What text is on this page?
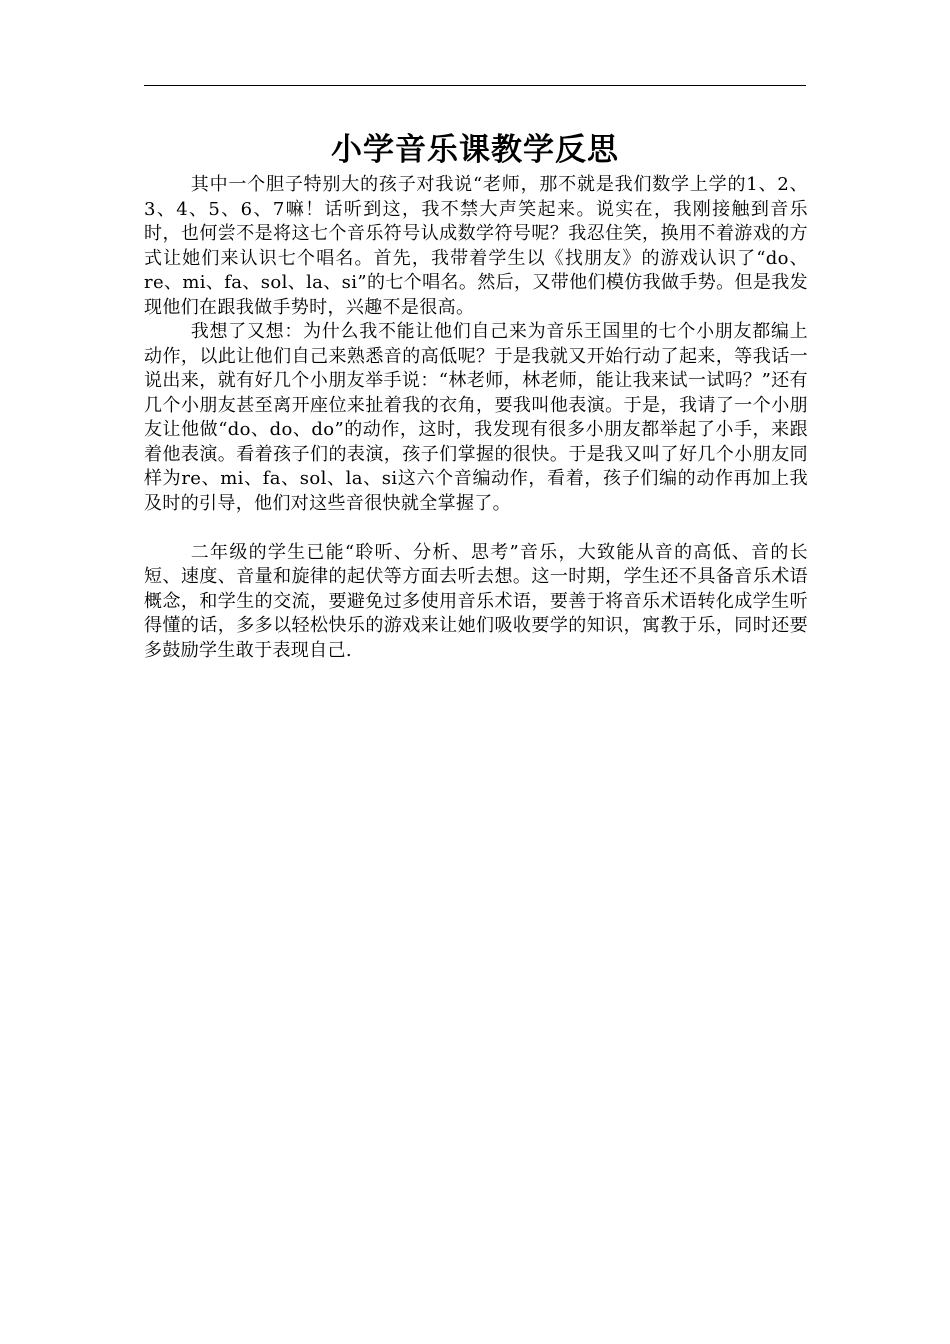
小学音乐课教学反思

其中一个胆子特别大的孩子对我说“老师，那不就是我们数学上学的1、2、3、4、5、6、7嘛！话听到这，我不禁大声笑起来。说实在，我刚接触到音乐时，也何尝不是将这七个音乐符号认成数学符号呢？我忍住笑，换用不着游戏的方式让她们来认识七个唱名。首先，我带着学生以《找朋友》的游戏认识了“do、re、mi、fa、sol、la、si”的七个唱名。然后，又带他们模仿我做手势。但是我发现他们在跟我做手势时，兴趣不是很高。

我想了又想：为什么我不能让他们自己来为音乐王国里的七个小朋友都编上动作，以此让他们自己来熟悉音的高低呢？于是我就又开始行动了起来，等我话一说出来，就有好几个小朋友举手说：“林老师，林老师，能让我来试一试吗？”还有几个小朋友甚至离开座位来扯着我的衣角，要我叫他表演。于是，我请了一个小朋友让他做“do、do、do”的动作，这时，我发现有很多小朋友都举起了小手，来跟着他表演。看着孩子们的表演，孩子们掌握的很快。于是我又叫了好几个小朋友同样为re、mi、fa、sol、la、si这六个音编动作，看着，孩子们编的动作再加上我及时的引导，他们对这些音很快就全掌握了。

二年级的学生已能“聆听、分析、思考”音乐，大致能从音的高低、音的长短、速度、音量和旋律的起伏等方面去听去想。这一时期，学生还不具备音乐术语概念，和学生的交流，要避免过多使用音乐术语，要善于将音乐术语转化成学生听得懂的话，多多以轻松快乐的游戏来让她们吸收要学的知识，寓教于乐，同时还要多鼓励学生敢于表现自己.
